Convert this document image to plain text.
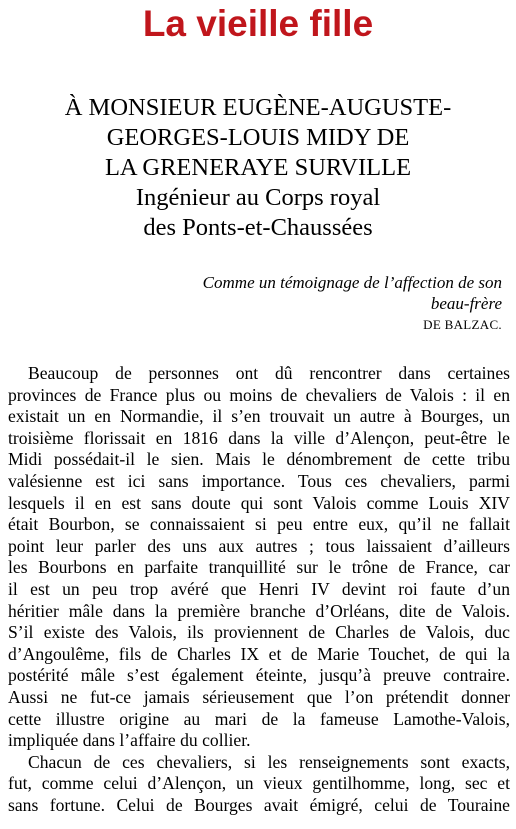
La vieille fille
À MONSIEUR EUGÈNE-AUGUSTE-
GEORGES-LOUIS MIDY DE
LA GRENERAYE SURVILLE
Ingénieur au Corps royal
des Ponts-et-Chaussées
Comme un témoignage de l’affection de son
beau-frère
DE BALZAC.
Beaucoup de personnes ont dû rencontrer dans certaines
provinces de France plus ou moins de chevaliers de Valois : il en
existait un en Normandie, il s’en trouvait un autre à Bourges, un
troisième florissait en 1816 dans la ville d’Alençon, peut-être le
Midi possédait-il le sien. Mais le dénombrement de cette tribu
valésienne est ici sans importance. Tous ces chevaliers, parmi
lesquels il en est sans doute qui sont Valois comme Louis XIV
était Bourbon, se connaissaient si peu entre eux, qu’il ne fallait
point leur parler des uns aux autres ; tous laissaient d’ailleurs
les Bourbons en parfaite tranquillité sur le trône de France, car
il est un peu trop avéré que Henri IV devint roi faute d’un
héritier mâle dans la première branche d’Orléans, dite de Valois.
S’il existe des Valois, ils proviennent de Charles de Valois, duc
d’Angoulême, fils de Charles IX et de Marie Touchet, de qui la
postérité mâle s’est également éteinte, jusqu’à preuve contraire.
Aussi ne fut-ce jamais sérieusement que l’on prétendit donner
cette illustre origine au mari de la fameuse Lamothe-Valois,
impliquée dans l’affaire du collier.
Chacun de ces chevaliers, si les renseignements sont exacts,
fut, comme celui d’Alençon, un vieux gentilhomme, long, sec et
sans fortune. Celui de Bourges avait émigré, celui de Touraine
